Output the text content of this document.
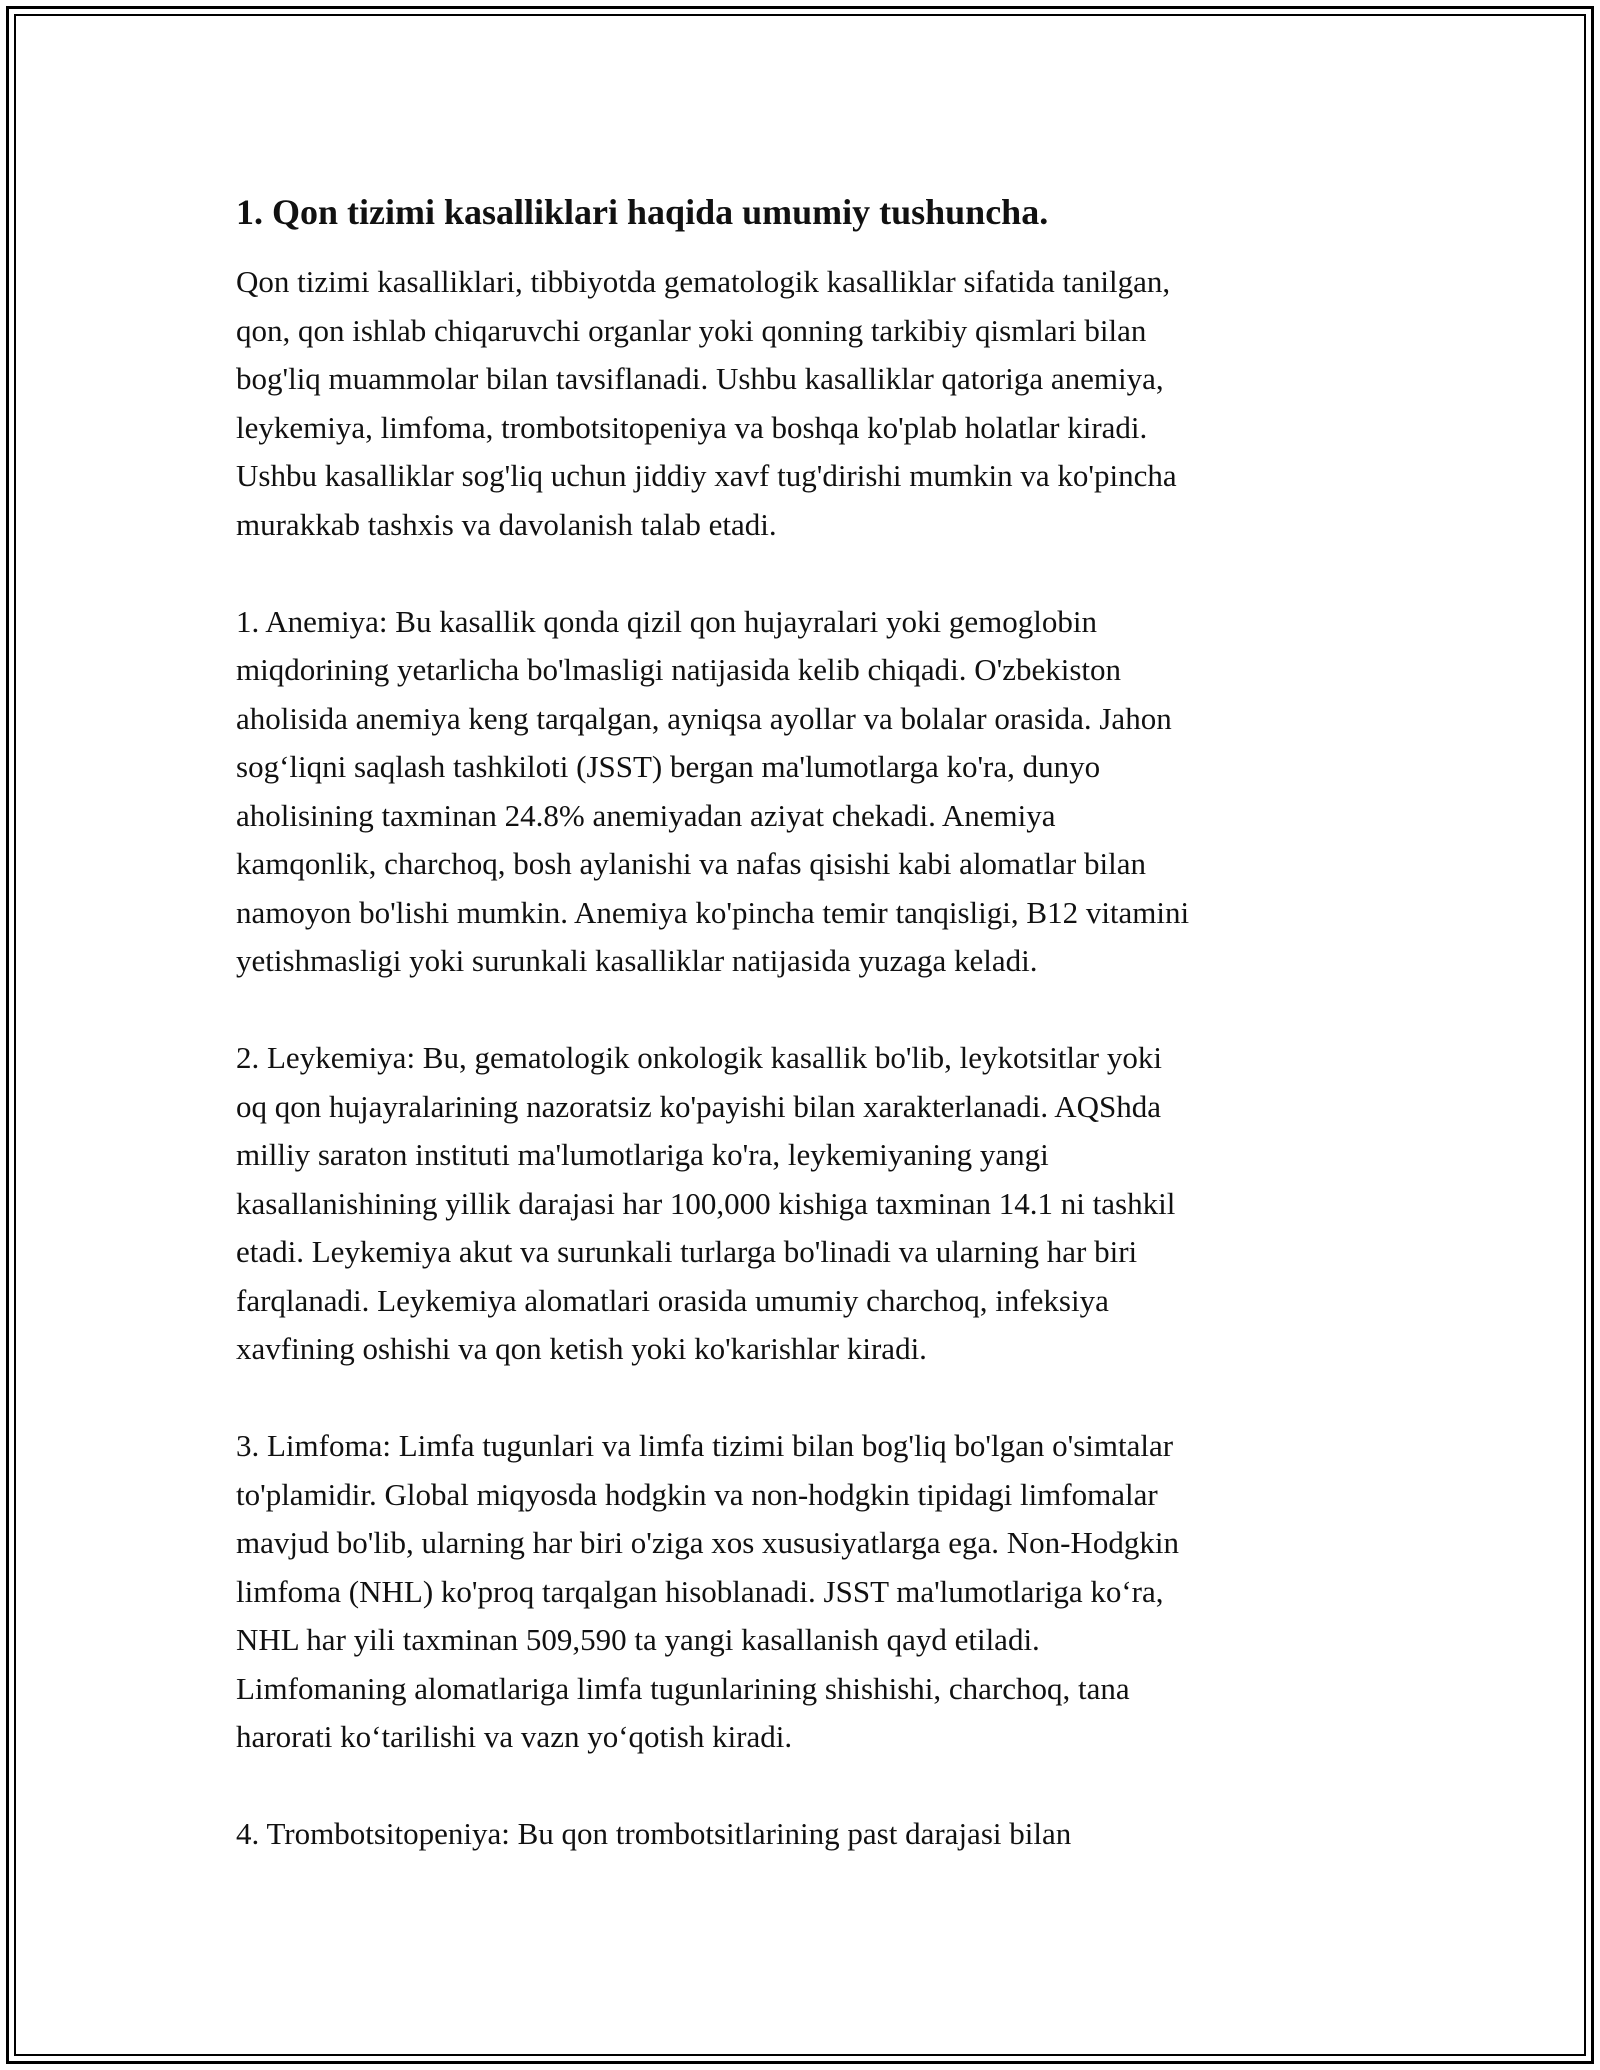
1. Qon tizimi kasalliklari haqida umumiy tushuncha.
Qon tizimi kasalliklari, tibbiyotda gematologik kasalliklar sifatida tanilgan,
qon, qon ishlab chiqaruvchi organlar yoki qonning tarkibiy qismlari bilan
bog'liq muammolar bilan tavsiflanadi. Ushbu kasalliklar qatoriga anemiya,
leykemiya, limfoma, trombotsitopeniya va boshqa ko'plab holatlar kiradi.
Ushbu kasalliklar sog'liq uchun jiddiy xavf tug'dirishi mumkin va ko'pincha
murakkab tashxis va davolanish talab etadi.
1. Anemiya: Bu kasallik qonda qizil qon hujayralari yoki gemoglobin
miqdorining yetarlicha bo'lmasligi natijasida kelib chiqadi. O'zbekiston
aholisida anemiya keng tarqalgan, ayniqsa ayollar va bolalar orasida. Jahon
sog‘liqni saqlash tashkiloti (JSST) bergan ma'lumotlarga ko'ra, dunyo
aholisining taxminan 24.8% anemiyadan aziyat chekadi. Anemiya
kamqonlik, charchoq, bosh aylanishi va nafas qisishi kabi alomatlar bilan
namoyon bo'lishi mumkin. Anemiya ko'pincha temir tanqisligi, B12 vitamini
yetishmasligi yoki surunkali kasalliklar natijasida yuzaga keladi.
2. Leykemiya: Bu, gematologik onkologik kasallik bo'lib, leykotsitlar yoki
oq qon hujayralarining nazoratsiz ko'payishi bilan xarakterlanadi. AQShda
milliy saraton instituti ma'lumotlariga ko'ra, leykemiyaning yangi
kasallanishining yillik darajasi har 100,000 kishiga taxminan 14.1 ni tashkil
etadi. Leykemiya akut va surunkali turlarga bo'linadi va ularning har biri
farqlanadi. Leykemiya alomatlari orasida umumiy charchoq, infeksiya
xavfining oshishi va qon ketish yoki ko'karishlar kiradi.
3. Limfoma: Limfa tugunlari va limfa tizimi bilan bog'liq bo'lgan o'simtalar
to'plamidir. Global miqyosda hodgkin va non-hodgkin tipidagi limfomalar
mavjud bo'lib, ularning har biri o'ziga xos xususiyatlarga ega. Non-Hodgkin
limfoma (NHL) ko'proq tarqalgan hisoblanadi. JSST ma'lumotlariga ko‘ra,
NHL har yili taxminan 509,590 ta yangi kasallanish qayd etiladi.
Limfomaning alomatlariga limfa tugunlarining shishishi, charchoq, tana
harorati ko‘tarilishi va vazn yo‘qotish kiradi.
4. Trombotsitopeniya: Bu qon trombotsitlarining past darajasi bilan
